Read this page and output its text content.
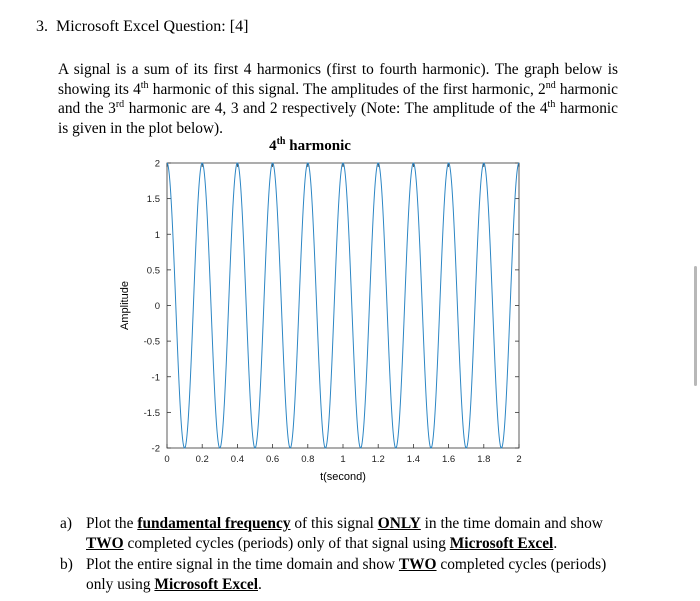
3. Microsoft Excel Question: [4]
A signal is a sum of its first 4 harmonics (first to fourth harmonic). The graph below is showing its 4th harmonic of this signal. The amplitudes of the first harmonic, 2nd harmonic and the 3rd harmonic are 4, 3 and 2 respectively (Note: The amplitude of the 4th harmonic is given in the plot below).
4th harmonic
0	0.2 0.4 0.6 0.8	1	1.2 1.4 1.6 1.8	2
2
1.5
1
0.5
0
-0.5
-1
-1.5
-2
t(second)
Amplitude
a) Plot the fundamental frequency of this signal ONLY in the time domain and show TWO completed cycles (periods) only of that signal using Microsoft Excel.
b) Plot the entire signal in the time domain and show TWO completed cycles (periods) only using Microsoft Excel.
